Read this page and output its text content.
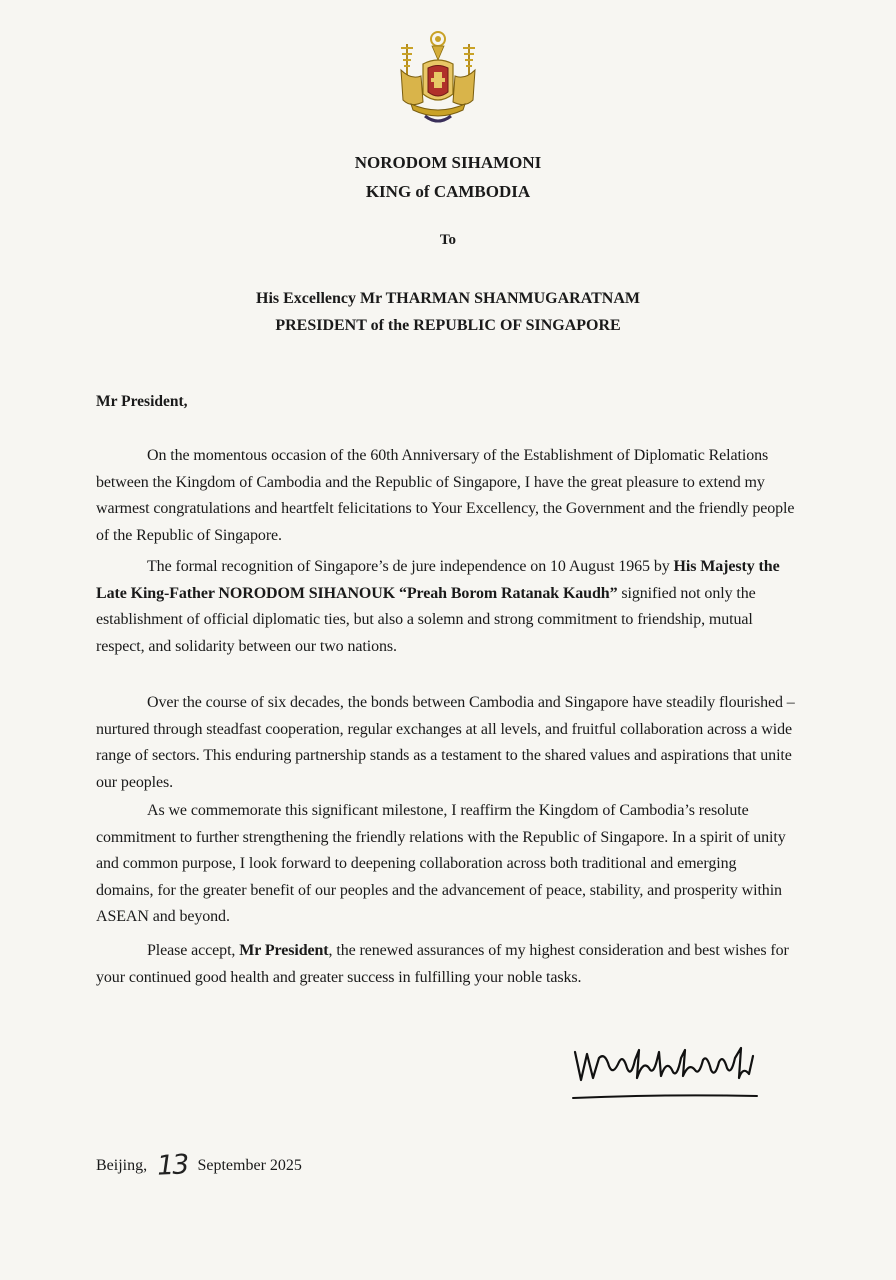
NORODOM SIHAMONI
KING of CAMBODIA
To
His Excellency Mr THARMAN SHANMUGARATNAM
PRESIDENT of the REPUBLIC OF SINGAPORE
Mr President,

On the momentous occasion of the 60th Anniversary of the Establishment of Diplomatic Relations between the Kingdom of Cambodia and the Republic of Singapore, I have the great pleasure to extend my warmest congratulations and heartfelt felicitations to Your Excellency, the Government and the friendly people of the Republic of Singapore.

The formal recognition of Singapore’s de jure independence on 10 August 1965 by His Majesty the Late King-Father NORODOM SIHANOUK “Preah Borom Ratanak Kaudh” signified not only the establishment of official diplomatic ties, but also a solemn and strong commitment to friendship, mutual respect, and solidarity between our two nations.

Over the course of six decades, the bonds between Cambodia and Singapore have steadily flourished – nurtured through steadfast cooperation, regular exchanges at all levels, and fruitful collaboration across a wide range of sectors. This enduring partnership stands as a testament to the shared values and aspirations that unite our peoples.

As we commemorate this significant milestone, I reaffirm the Kingdom of Cambodia’s resolute commitment to further strengthening the friendly relations with the Republic of Singapore. In a spirit of unity and common purpose, I look forward to deepening collaboration across both traditional and emerging domains, for the greater benefit of our peoples and the advancement of peace, stability, and prosperity within ASEAN and beyond.

Please accept, Mr President, the renewed assurances of my highest consideration and best wishes for your continued good health and greater success in fulfilling your noble tasks.

Beijing, 13 September 2025
